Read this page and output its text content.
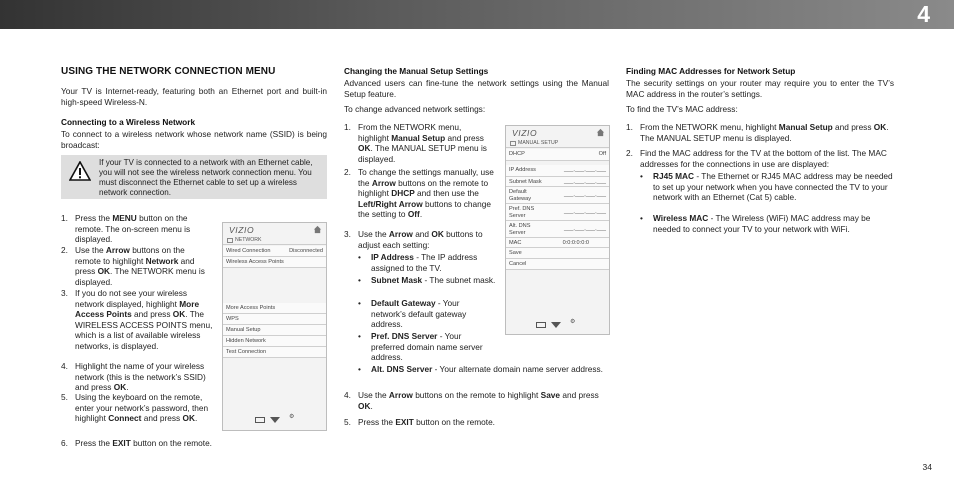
4
USING THE NETWORK CONNECTION MENU
Your TV is Internet-ready, featuring both an Ethernet port and built-in high-speed Wireless-N.
Connecting to a Wireless Network
To connect to a wireless network whose network name (SSID) is being broadcast:
If your TV is connected to a network with an Ethernet cable, you will not see the wireless network connection menu. You must disconnect the Ethernet cable to set up a wireless network connection.
1. Press the MENU button on the remote. The on-screen menu is displayed.
2. Use the Arrow buttons on the remote to highlight Network and press OK. The NETWORK menu is displayed.
3. If you do not see your wireless network displayed, highlight More Access Points and press OK. The WIRELESS ACCESS POINTS menu, which is a list of available wireless networks, is displayed.
4. Highlight the name of your wireless network (this is the network’s SSID) and press OK.
5. Using the keyboard on the remote, enter your network’s password, then highlight Connect and press OK.
6. Press the EXIT button on the remote.
VIZIO
NETWORK
Wired Connection	Disconnected
Wireless Access Points
More Access Points
WPS
Manual Setup
Hidden Network
Test Connection
⚙
Changing the Manual Setup Settings
Advanced users can fine-tune the network settings using the Manual Setup feature.
To change advanced network settings:
1. From the NETWORK menu, highlight Manual Setup and press OK. The MANUAL SETUP menu is displayed.
2. To change the settings manually, use the Arrow buttons on the remote to highlight DHCP and then use the Left/Right Arrow buttons to change the setting to Off.
3. Use the Arrow and OK buttons to adjust each setting:
• IP Address - The IP address assigned to the TV.
• Subnet Mask - The subnet mask.
• Default Gateway - Your network’s default gateway address.
• Pref. DNS Server - Your preferred domain name server address.
• Alt. DNS Server - Your alternate domain name server address.
4. Use the Arrow buttons on the remote to highlight Save and press OK.
5. Press the EXIT button on the remote.
VIZIO
MANUAL SETUP
DHCP	Off
IP Address	___.___.___.___
Subnet Mask	___.___.___.___
Default Gateway
___.___.___.___
Pref. DNS Server
___.___.___.___
Alt. DNS Server
___.___.___.___
MAC	0:0:0:0:0:0
Save
Cancel
⚙
Finding MAC Addresses for Network Setup
The security settings on your router may require you to enter the TV’s MAC address in the router’s settings.
To find the TV’s MAC address:
1. From the NETWORK menu, highlight Manual Setup and press OK. The MANUAL SETUP menu is displayed.
2. Find the MAC address for the TV at the bottom of the list. The MAC addresses for the connections in use are displayed:
• RJ45 MAC - The Ethernet or RJ45 MAC address may be needed to set up your network when you have connected the TV to your network with an Ethernet (Cat 5) cable.
• Wireless MAC - The Wireless (WiFi) MAC address may be needed to connect your TV to your network with WiFi.
34
